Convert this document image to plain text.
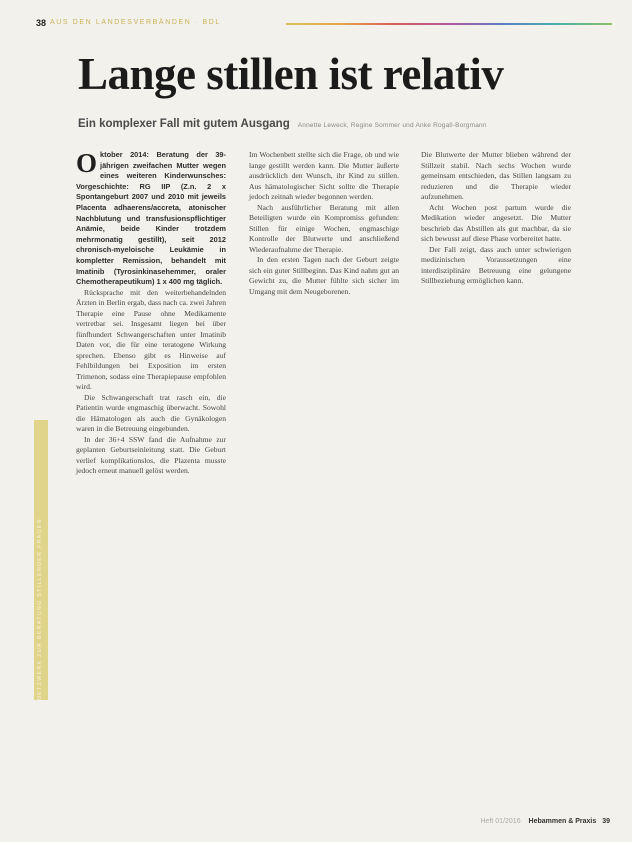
38 AUS DEN LANDESVERBÄNDEN · BDL
Lange stillen ist relativ
Ein komplexer Fall mit gutem Ausgang Annette Leweck, Regine Sommer und Anke Rogall-Borgmann
NETZWERK ZUR BERATUNG STILLENDER FRAUEN
Oktober 2014: Beratung der 39-jährigen zweifachen Mutter wegen eines weiteren Kinderwunsches: Vorgeschichte: RG IIP (Z.n. 2 x Spontangeburt 2007 und 2010 mit jeweils Placenta adhaerens/accreta, atonischer Nachblutung und transfusionspflichtiger Anämie, beide Kinder trotzdem mehrmonatig gestillt), seit 2012 chronisch-myeloische Leukämie in kompletter Remission, behandelt mit Imatinib (Tyrosinkinasehemmer, oraler Chemotherapeutikum) 1 x 400 mg täglich.

Rücksprache mit den weiterbehandelnden Ärzten in Berlin ergab, dass nach ca. zwei Jahren Therapie eine Pause ohne Medikamente vertretbar sei. Insgesamt liegen bei über fünfhundert Schwangerschaften unter Imatinib Daten vor, die für eine teratogene Wirkung sprechen. Ebenso gibt es Hinweise auf Fehlbildungen bei Exposition im ersten Trimenon, sodass eine Therapiepause empfohlen wird.

Die Schwangerschaft trat rasch ein, die Patientin wurde engmaschig überwacht. Sowohl die Hämatologen als auch die Gynäkologen waren in die Betreuung eingebunden.

In der 36+4 SSW fand die Aufnahme zur geplanten Geburtseinleitung statt. Die Geburt verlief komplikationslos, die Plazenta musste jedoch erneut manuell gelöst werden.

Im Wochenbett stellte sich die Frage, ob und wie lange gestillt werden kann. Die Mutter äußerte ausdrücklich den Wunsch, ihr Kind zu stillen. Aus hämatologischer Sicht sollte die Therapie jedoch zeitnah wieder begonnen werden.

Nach ausführlicher Beratung mit allen Beteiligten wurde ein Kompromiss gefunden: Stillen für einige Wochen, engmaschige Kontrolle der Blutwerte und anschließend Wiederaufnahme der Therapie.

In den ersten Tagen nach der Geburt zeigte sich ein guter Stillbeginn. Das Kind nahm gut an Gewicht zu, die Mutter fühlte sich sicher im Umgang mit dem Neugeborenen.

Die Blutwerte der Mutter blieben während der Stillzeit stabil. Nach sechs Wochen wurde gemeinsam entschieden, das Stillen langsam zu reduzieren und die Therapie wieder aufzunehmen.

Acht Wochen post partum wurde die Medikation wieder angesetzt. Die Mutter beschrieb das Abstillen als gut machbar, da sie sich bewusst auf diese Phase vorbereitet hatte.

Der Fall zeigt, dass auch unter schwierigen medizinischen Voraussetzungen eine interdisziplinäre Betreuung eine gelungene Stillbeziehung ermöglichen kann.

Heft 01/2016 Hebammen & Praxis 39
